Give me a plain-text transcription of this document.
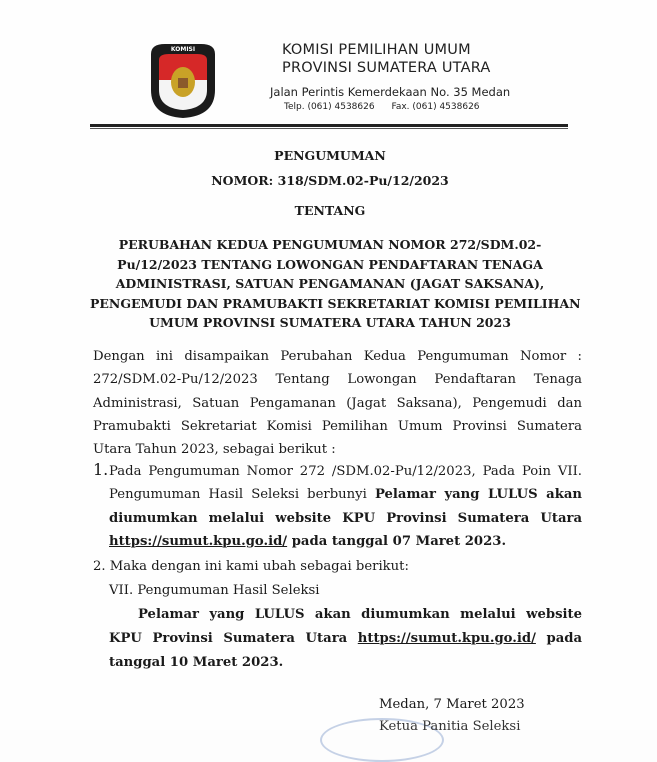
KOMISI	KOMISI PEMILIHAN UMUM
PROVINSI SUMATERA UTARA
Jalan Perintis Kemerdekaan No. 35 Medan
Telp. (061) 4538626 Fax. (061) 4538626
PENGUMUMAN
NOMOR: 318/SDM.02-Pu/12/2023
TENTANG
PERUBAHAN KEDUA PENGUMUMAN NOMOR 272/SDM.02-
Pu/12/2023 TENTANG LOWONGAN PENDAFTARAN TENAGA
ADMINISTRASI, SATUAN PENGAMANAN (JAGAT SAKSANA),
PENGEMUDI DAN PRAMUBAKTI SEKRETARIAT KOMISI PEMILIHAN
UMUM PROVINSI SUMATERA UTARA TAHUN 2023
Dengan ini disampaikan Perubahan Kedua Pengumuman Nomor : 272/SDM.02-Pu/12/2023 Tentang Lowongan Pendaftaran Tenaga Administrasi, Satuan Pengamanan (Jagat Saksana), Pengemudi dan Pramubakti Sekretariat Komisi Pemilihan Umum Provinsi Sumatera Utara Tahun 2023, sebagai berikut :
1. Pada Pengumuman Nomor 272 /SDM.02-Pu/12/2023, Pada Poin VII. Pengumuman Hasil Seleksi berbunyi Pelamar yang LULUS akan diumumkan melalui website KPU Provinsi Sumatera Utara https://sumut.kpu.go.id/ pada tanggal 07 Maret 2023.
2. Maka dengan ini kami ubah sebagai berikut:
VII. Pengumuman Hasil Seleksi
Pelamar yang LULUS akan diumumkan melalui website KPU Provinsi Sumatera Utara https://sumut.kpu.go.id/ pada tanggal 10 Maret 2023.
Medan, 7 Maret 2023
Ketua Panitia Seleksi
